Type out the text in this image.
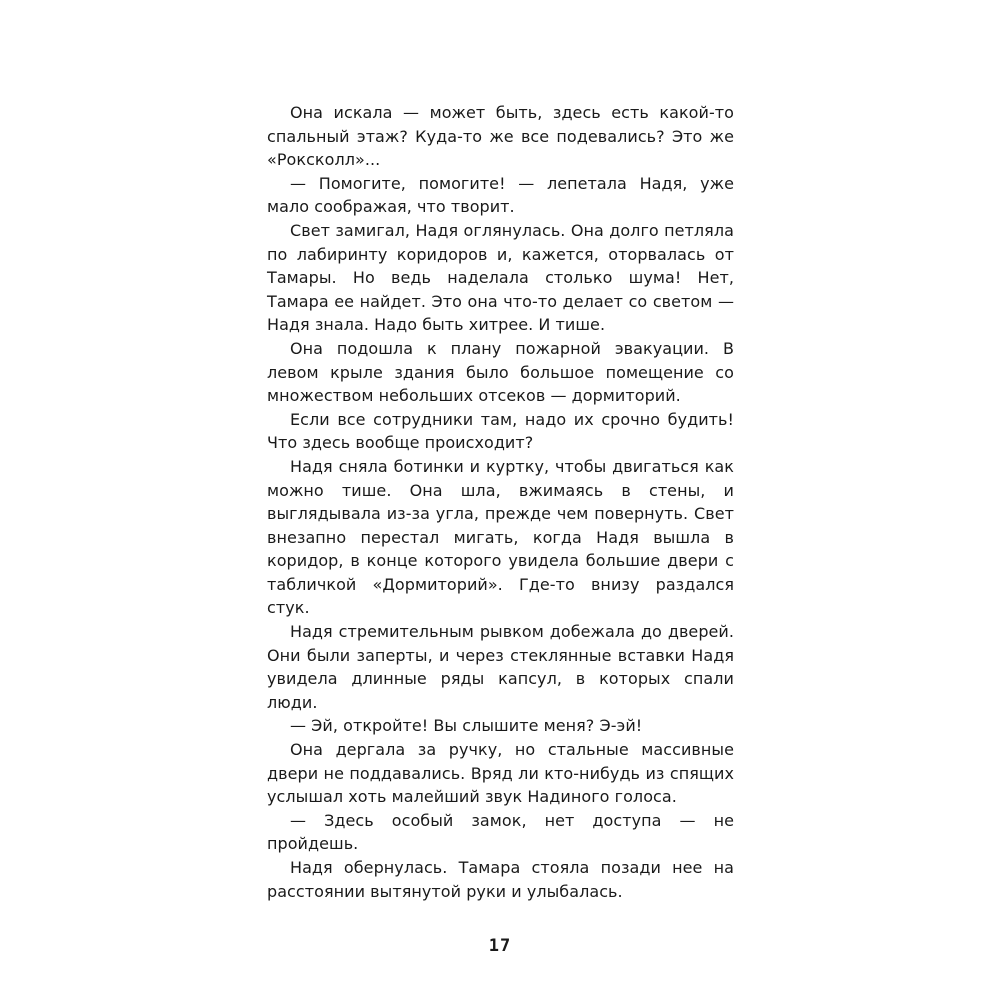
Она искала — может быть, здесь есть какой-то спальный этаж? Куда-то же все подевались? Это же «Роксколл»...

— Помогите, помогите! — лепетала Надя, уже мало соображая, что творит.

Свет замигал, Надя оглянулась. Она долго петляла по лабиринту коридоров и, кажется, оторвалась от Тамары. Но ведь наделала столько шума! Нет, Тамара ее найдет. Это она что-то делает со светом — Надя знала. Надо быть хитрее. И тише.

Она подошла к плану пожарной эвакуации. В левом крыле здания было большое помещение со множеством небольших отсеков — дормиторий.

Если все сотрудники там, надо их срочно будить! Что здесь вообще происходит?

Надя сняла ботинки и куртку, чтобы двигаться как можно тише. Она шла, вжимаясь в стены, и выглядывала из-за угла, прежде чем повернуть. Свет внезапно перестал мигать, когда Надя вышла в коридор, в конце которого увидела большие двери с табличкой «Дормиторий». Где-то внизу раздался стук.

Надя стремительным рывком добежала до дверей. Они были заперты, и через стеклянные вставки Надя увидела длинные ряды капсул, в которых спали люди.

— Эй, откройте! Вы слышите меня? Э-эй!

Она дергала за ручку, но стальные массивные двери не поддавались. Вряд ли кто-нибудь из спящих услышал хоть малейший звук Надиного голоса.

— Здесь особый замок, нет доступа — не пройдешь.

Надя обернулась. Тамара стояла позади нее на расстоянии вытянутой руки и улыбалась.

17
